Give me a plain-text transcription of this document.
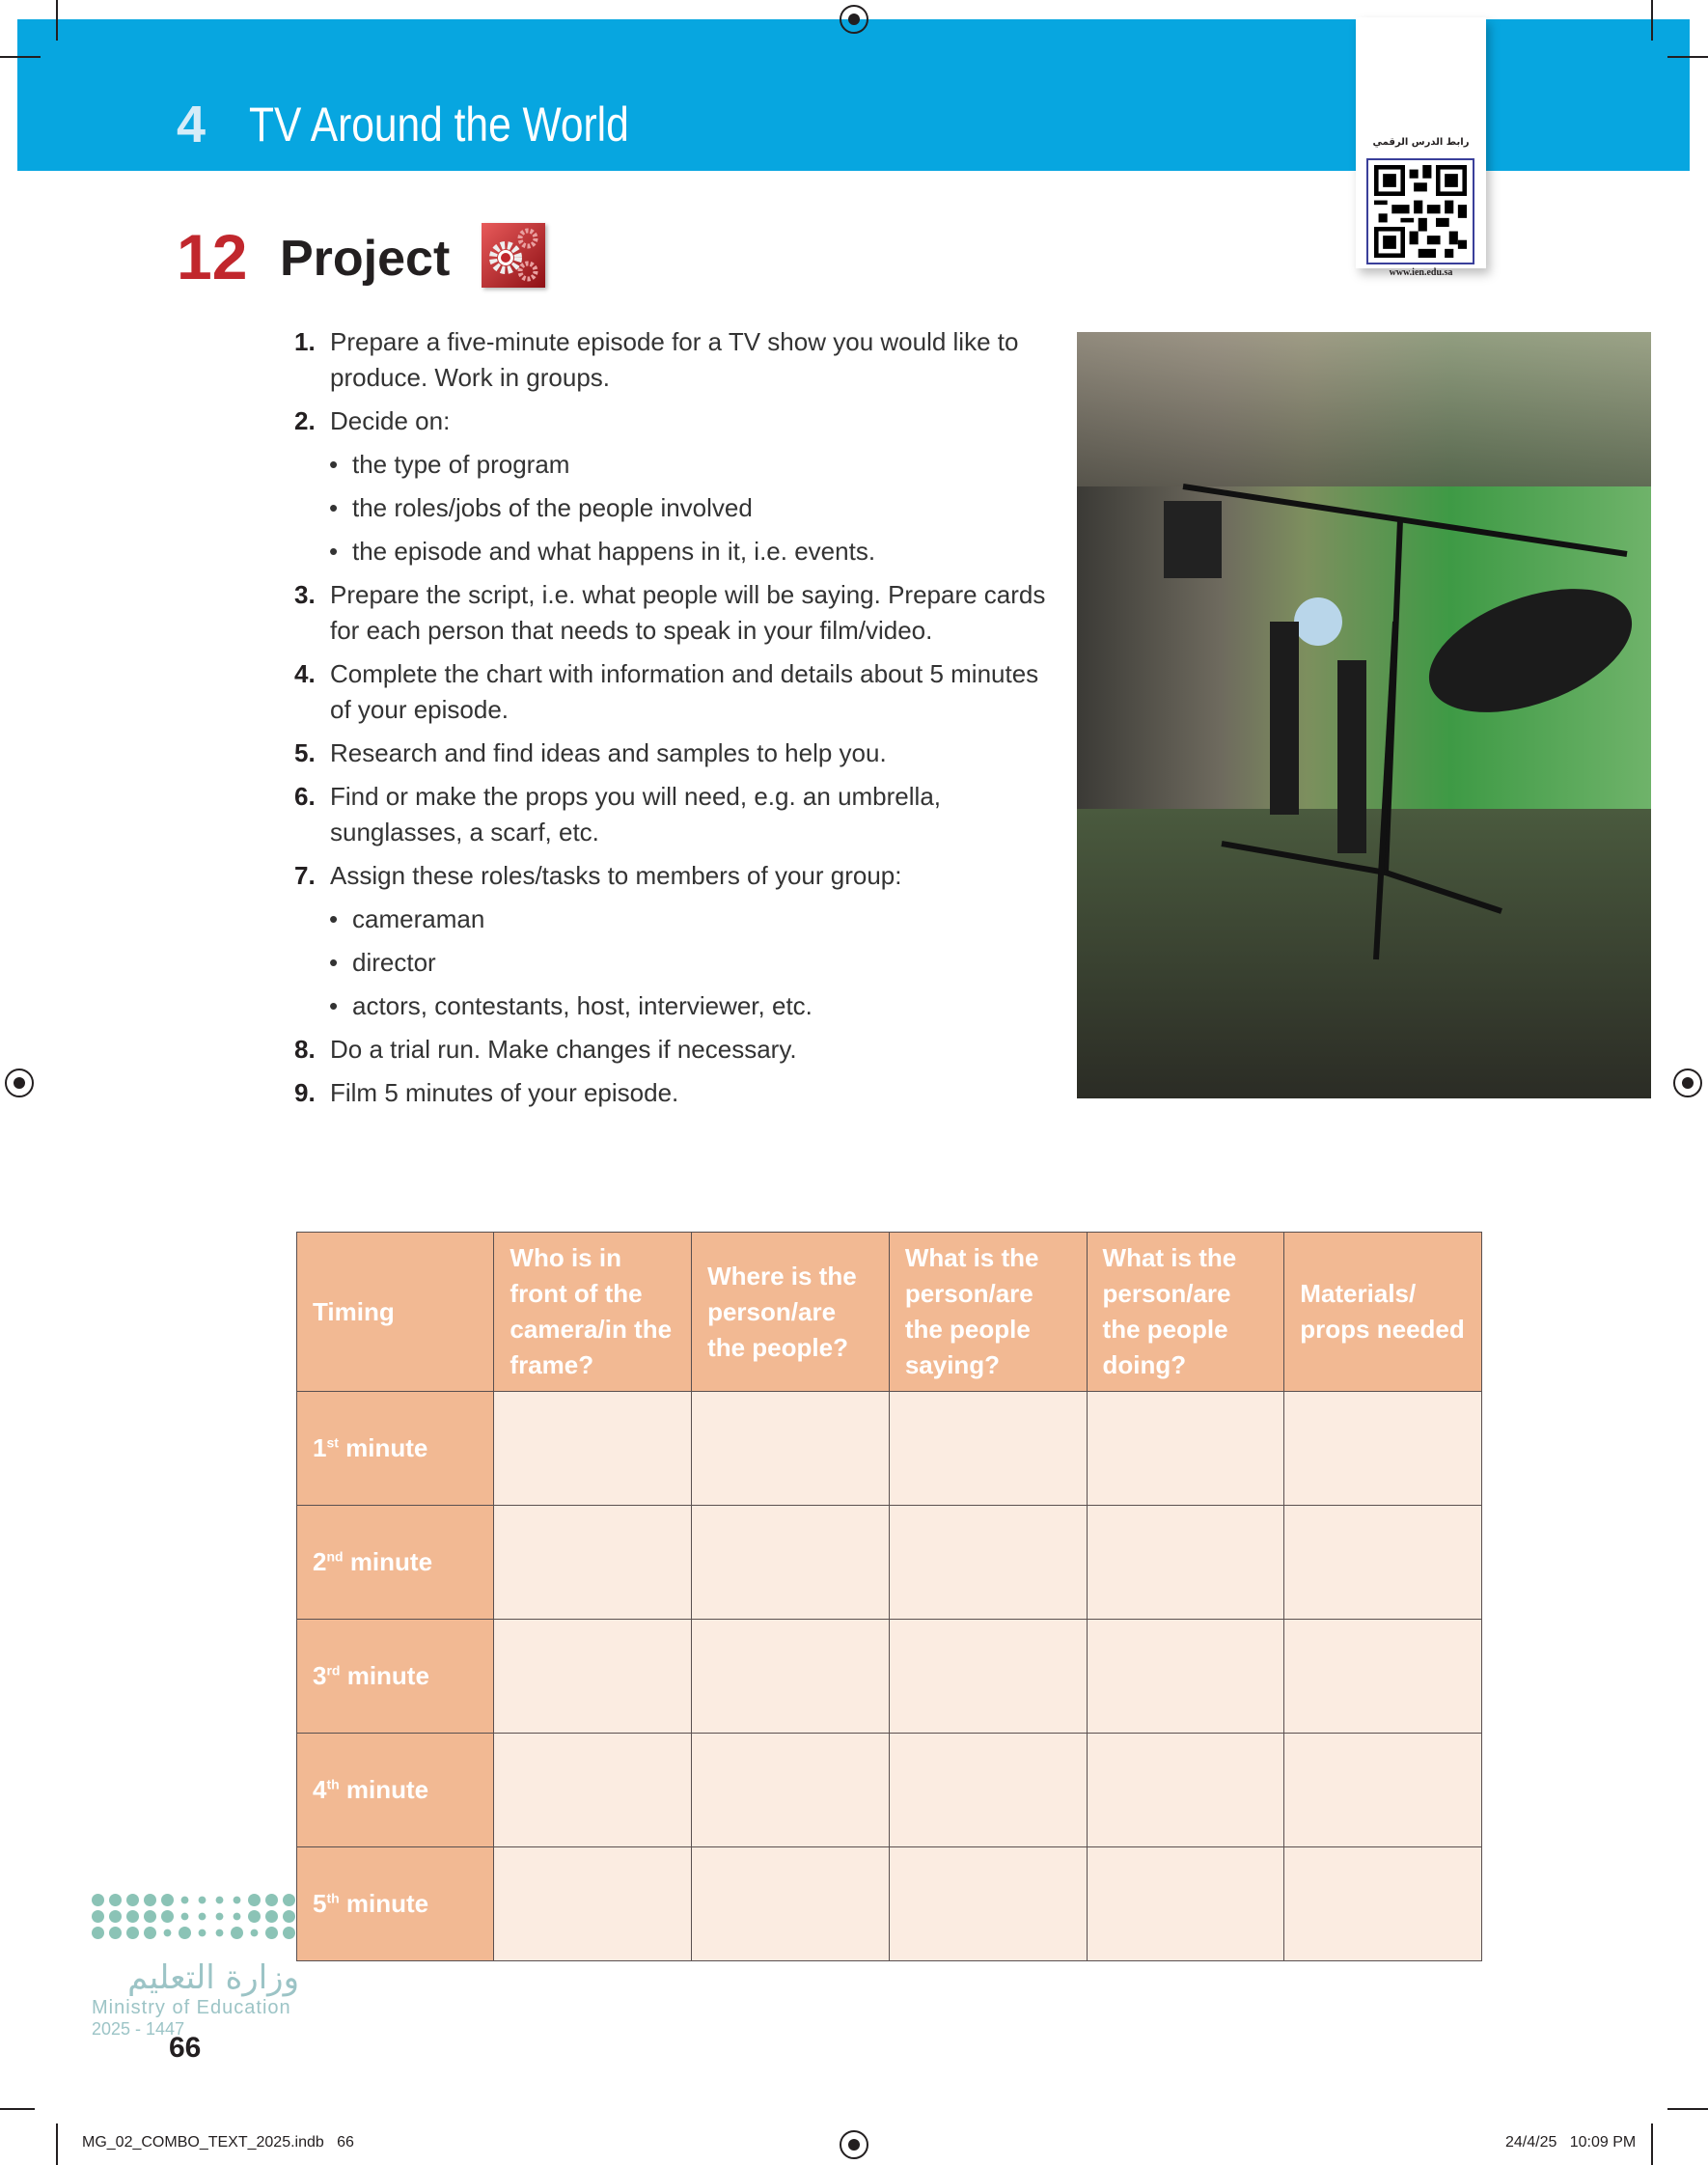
4 TV Around the World	رابط الدرس الرقمي
www.ien.edu.sa
12 Project
1. Prepare a five-minute episode for a TV show you would like to produce. Work in groups.
2. Decide on:
• the type of program
• the roles/jobs of the people involved
• the episode and what happens in it, i.e. events.
3. Prepare the script, i.e. what people will be saying. Prepare cards for each person that needs to speak in your film/video.
4. Complete the chart with information and details about 5 minutes of your episode.
5. Research and find ideas and samples to help you.
6. Find or make the props you will need, e.g. an umbrella, sunglasses, a scarf, etc.
7. Assign these roles/tasks to members of your group:
• cameraman
• director
• actors, contestants, host, interviewer, etc.
8. Do a trial run. Make changes if necessary.
9. Film 5 minutes of your episode.
Timing	Who is in front of the camera/in the frame?	Where is the person/are the people?	What is the person/are the people saying?	What is the person/are the people doing?	Materials/ props needed
1st minute					
2nd minute					
3rd minute					
4th minute					
5th minute					
وزارة التعليم
Ministry of Education
2025 - 1447
66
MG_02_COMBO_TEXT_2025.indb   66	24/4/25   10:09 PM
